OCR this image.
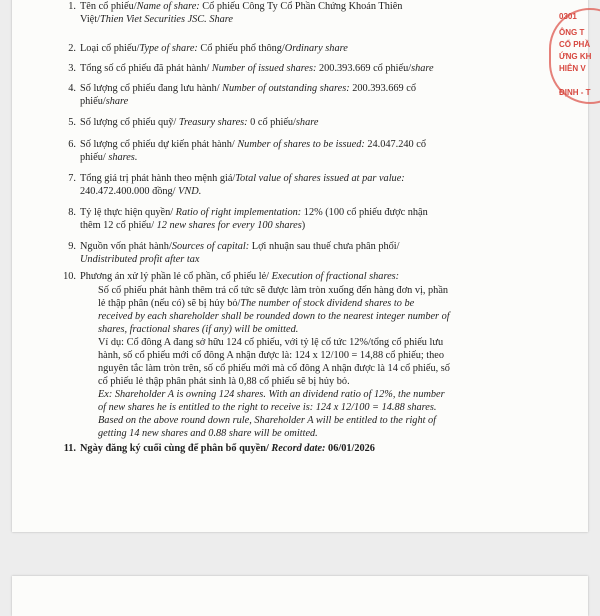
1. Tên cổ phiếu/Name of share: Cổ phiếu Công Ty Cổ Phần Chứng Khoán Thiên
Việt/Thien Viet Securities JSC. Share
2. Loại cổ phiếu/Type of share: Cổ phiếu phổ thông/Ordinary share
3. Tổng số cổ phiếu đã phát hành/ Number of issued shares: 200.393.669 cổ phiếu/share
4. Số lượng cổ phiếu đang lưu hành/ Number of outstanding shares: 200.393.669 cổ
phiếu/share
5. Số lượng cổ phiếu quỹ/ Treasury shares: 0 cổ phiếu/share
6. Số lượng cổ phiếu dự kiến phát hành/ Number of shares to be issued: 24.047.240 cổ
phiếu/ shares.
7. Tổng giá trị phát hành theo mệnh giá/Total value of shares issued at par value:
240.472.400.000 đồng/ VND.
8. Tỷ lệ thực hiện quyền/ Ratio of right implementation: 12% (100 cổ phiếu được nhận
thêm 12 cổ phiếu/ 12 new shares for every 100 shares)
9. Nguồn vốn phát hành/Sources of capital: Lợi nhuận sau thuế chưa phân phối/
Undistributed profit after tax
10. Phương án xử lý phần lẻ cổ phần, cổ phiếu lẻ/ Execution of fractional shares:
Số cổ phiếu phát hành thêm trả cổ tức sẽ được làm tròn xuống đến hàng đơn vị, phần
lẻ thập phân (nếu có) sẽ bị hủy bỏ/The number of stock dividend shares to be
received by each shareholder shall be rounded down to the nearest integer number of
shares, fractional shares (if any) will be omitted.
Ví dụ: Cổ đông A đang sở hữu 124 cổ phiếu, với tỷ lệ cổ tức 12%/tổng cổ phiếu lưu
hành, số cổ phiếu mới cổ đông A nhận được là: 124 x 12/100 = 14,88 cổ phiếu; theo
nguyên tắc làm tròn trên, số cổ phiếu mới mà cổ đông A nhận được là 14 cổ phiếu, số
cổ phiếu lẻ thập phân phát sinh là 0,88 cổ phiếu sẽ bị hủy bỏ.
Ex: Shareholder A is owning 124 shares. With an dividend ratio of 12%, the number
of new shares he is entitled to the right to receive is: 124 x 12/100 = 14.88 shares.
Based on the above round down rule, Shareholder A will be entitled to the right of
getting 14 new shares and 0.88 share will be omitted.
11. Ngày đăng ký cuối cùng để phân bổ quyền/ Record date: 06/01/2026
0301
ÔNG T
CỔ PHẦ
ỨNG KH
HIÊN V
ĐỊNH - T
